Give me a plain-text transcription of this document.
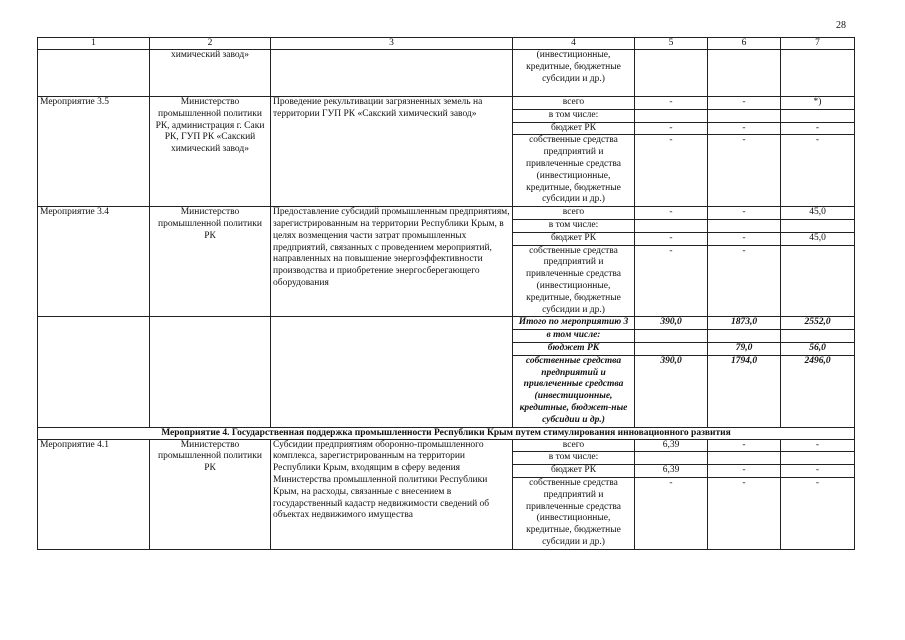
28
1	2	3	4	5	6	7
	химический завод»		(инвестиционные, кредитные, бюджетные субсидии и др.)			
Мероприятие 3.5	Министерство промышленной политики РК, администрация г. Саки РК, ГУП РК «Сакский химический завод»	Проведение рекультивации загрязненных земель на территории ГУП РК «Сакский химический завод»	всего	-	-	*)
			в том числе:			
			бюджет РК	-	-	-
			собственные средства предприятий и привлеченные средства (инвестиционные, кредитные, бюджетные субсидии и др.)	-	-	-
Мероприятие 3.4	Министерство промышленной политики РК	Предоставление субсидий промышленным предприятиям, зарегистрированным на территории Республики Крым, в целях возмещения части затрат промышленных предприятий, связанных с проведением мероприятий, направленных на повышение энергоэффективности производства и приобретение энергосберегающего оборудования	всего	-	-	45,0
			в том числе:			
			бюджет РК	-	-	45,0
			собственные средства предприятий и привлеченные средства (инвестиционные, кредитные, бюджетные субсидии и др.)	-	-	
			Итого по мероприятию 3	390,0	1873,0	2552,0
			в том числе:			
			бюджет РК		79,0	56,0
			собственные средства предприятий и привлеченные средства (инвестиционные, кредитные, бюджет-ные субсидии и др.)	390,0	1794,0	2496,0
Мероприятие 4. Государственная поддержка промышленности Республики Крым путем стимулирования инновационного развития						
Мероприятие 4.1	Министерство промышленной политики РК	Субсидии предприятиям оборонно-промышленного комплекса, зарегистрированным на территории Республики Крым, входящим в сферу ведения Министерства промышленной политики Республики Крым, на расходы, связанные с внесением в государственный кадастр недвижимости сведений об объектах недвижимого имущества	всего	6,39	-	-
			в том числе:			
			бюджет РК	6,39	-	-
			собственные средства предприятий и привлеченные средства (инвестиционные, кредитные, бюджетные субсидии и др.)	-	-	-
